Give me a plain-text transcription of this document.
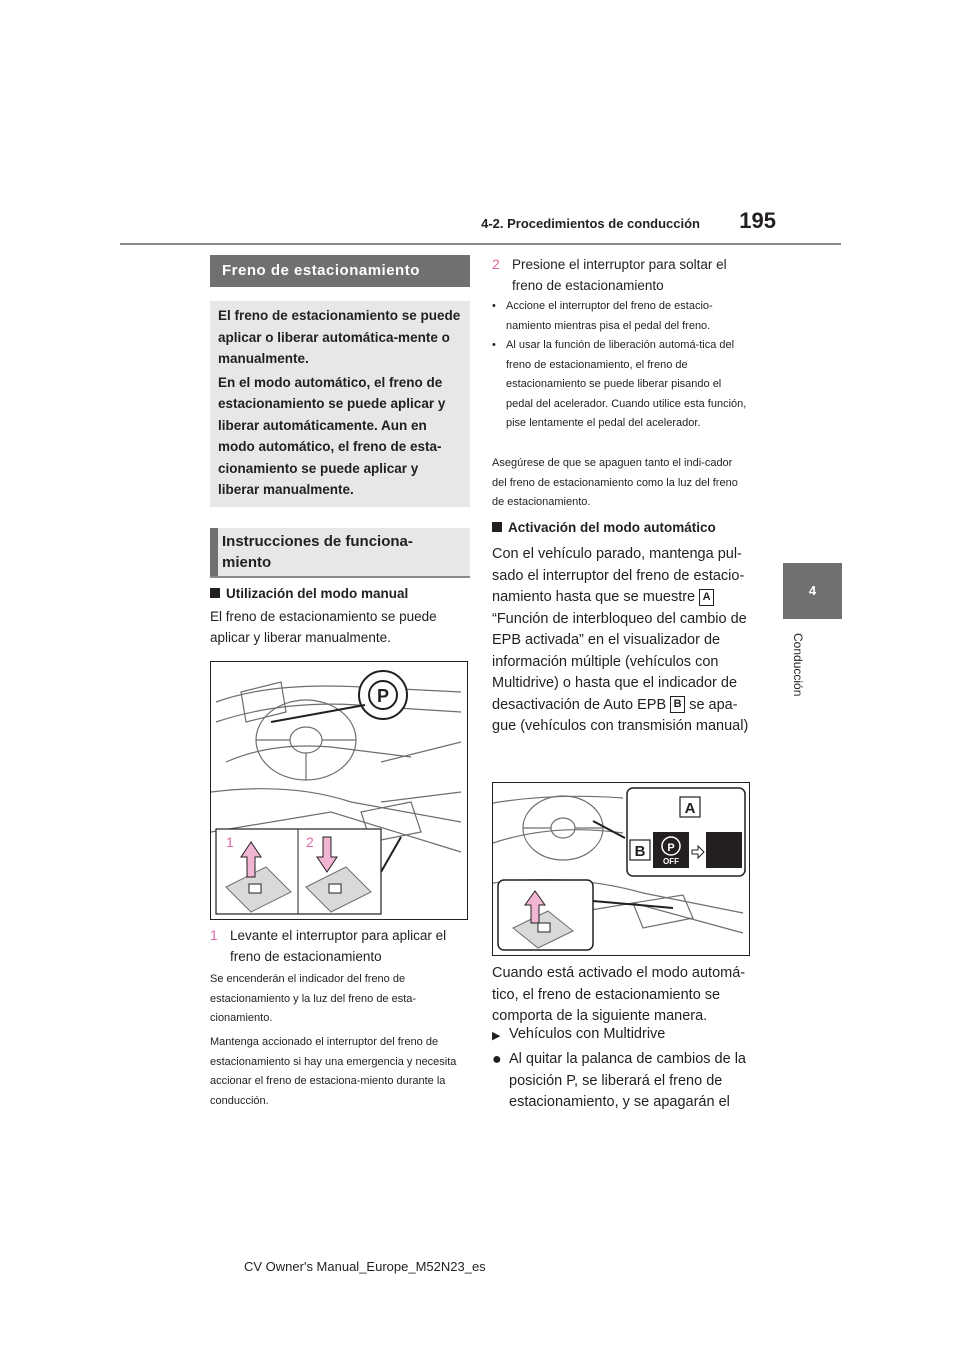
4-2. Procedimientos de conducción	195
4
Conducción
Freno de estacionamiento

El freno de estacionamiento se puede aplicar o liberar automática-mente o manualmente.

En el modo automático, el freno de estacionamiento se puede aplicar y liberar automáticamente. Aun en modo automático, el freno de esta-cionamiento se puede aplicar y liberar manualmente.

Instrucciones de funciona-
miento
Utilización del modo manual
El freno de estacionamiento se puede aplicar y liberar manualmente.
P
1	2
1 Levante el interruptor para aplicar el
freno de estacionamiento
Se encenderán el indicador del freno de estacionamiento y la luz del freno de esta-cionamiento.
Mantenga accionado el interruptor del freno de estacionamiento si hay una emergencia y necesita accionar el freno de estaciona-miento durante la conducción.
2 Presione el interruptor para soltar el
freno de estacionamiento
• Accione el interruptor del freno de estacio-namiento mientras pisa el pedal del freno.
• Al usar la función de liberación automá-tica del freno de estacionamiento, el freno de estacionamiento se puede liberar pisando el pedal del acelerador. Cuando utilice esta función, pise lentamente el pedal del acelerador.
Asegúrese de que se apaguen tanto el indi-cador del freno de estacionamiento como la luz del freno de estacionamiento.
Activación del modo automático
Con el vehículo parado, mantenga pul-sado el interruptor del freno de estacio-namiento hasta que se muestre A “Función de interbloqueo del cambio de EPB activada” en el visualizador de información múltiple (vehículos con Multidrive) o hasta que el indicador de desactivación de Auto EPB B se apa-gue (vehículos con transmisión manual)
A
B P
OFF
Cuando está activado el modo automá-tico, el freno de estacionamiento se comporta de la siguiente manera.
▶ Vehículos con Multidrive
● Al quitar la palanca de cambios de la posición P, se liberará el freno de estacionamiento, y se apagarán el
CV Owner's Manual_Europe_M52N23_es
